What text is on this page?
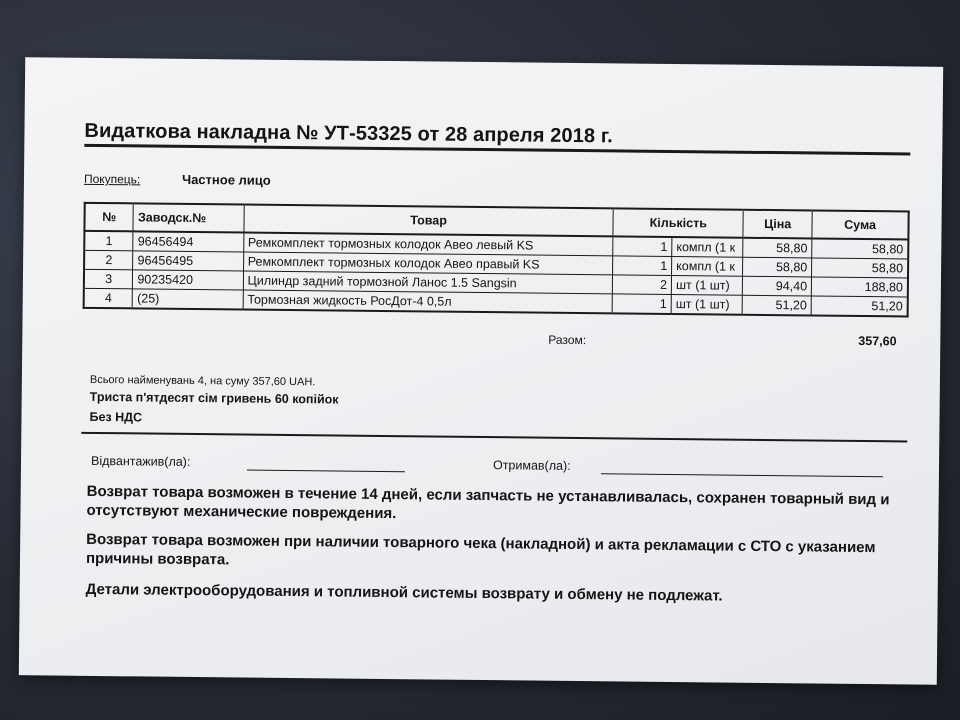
Видаткова накладна № УТ-53325 от 28 апреля 2018 г.
Покупець:	Частное лицо
№	Заводск.№	Товар	Кількість		Ціна	Сума
1	96456494	Ремкомплект тормозных колодок Авео левый KS	1	компл (1 к	58,80	58,80
2	96456495	Ремкомплект тормозных колодок Авео правый KS	1	компл (1 к	58,80	58,80
3	90235420	Цилиндр задний тормозной Ланос 1.5 Sangsin	2	шт (1 шт)	94,40	188,80
4	(25)	Тормозная жидкость РосДот-4 0,5л	1	шт (1 шт)	51,20	51,20
Разом:	357,60
Всього найменувань 4, на суму 357,60 UAH.
Триста п'ятдесят сім гривень 60 копійок
Без НДС
Відвантажив(ла):	Отримав(ла):
Возврат товара возможен в течение 14 дней, если запчасть не устанавливалась, сохранен товарный вид и отсутствуют механические повреждения.
Возврат товара возможен при наличии товарного чека (накладной) и акта рекламации с СТО с указанием причины возврата.
Детали электрооборудования и топливной системы возврату и обмену не подлежат.
